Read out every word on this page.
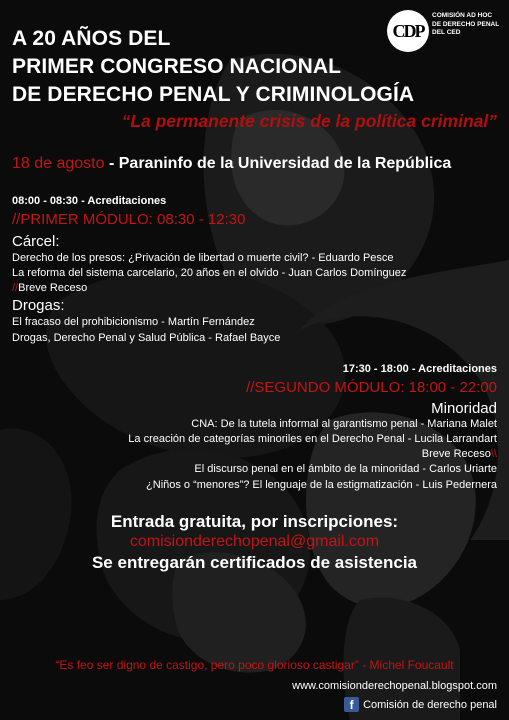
CDP
COMISIÓN AD HOC
DE DERECHO PENAL
DEL CED
A 20 AÑOS DEL
PRIMER CONGRESO NACIONAL
DE DERECHO PENAL Y CRIMINOLOGÍA
“La permanente crisis de la política criminal”
18 de agosto - Paraninfo de la Universidad de la República
08:00 - 08:30 - Acreditaciones
//PRIMER MÓDULO: 08:30 - 12:30
Cárcel:
Derecho de los presos: ¿Privación de libertad o muerte civil? - Eduardo Pesce
La reforma del sistema carcelario, 20 años en el olvido - Juan Carlos Domínguez
//Breve Receso
Drogas:
El fracaso del prohibicionismo - Martín Fernández
Drogas, Derecho Penal y Salud Pública - Rafael Bayce
17:30 - 18:00 - Acreditaciones
//SEGUNDO MÓDULO: 18:00 - 22:00
Minoridad
CNA: De la tutela informal al garantismo penal - Mariana Malet
La creación de categorías minoriles en el Derecho Penal - Lucila Larrandart
Breve Receso\\
El discurso penal en el ámbito de la minoridad - Carlos Uriarte
¿Niños o “menores”? El lenguaje de la estigmatización - Luis Pedernera
Entrada gratuita, por inscripciones:
comisionderechopenal@gmail.com
Se entregarán certificados de asistencia
“Es feo ser digno de castigo, pero poco glorioso castigar” - Michel Foucault
www.comisionderechopenal.blogspot.com
f Comisión de derecho penal
